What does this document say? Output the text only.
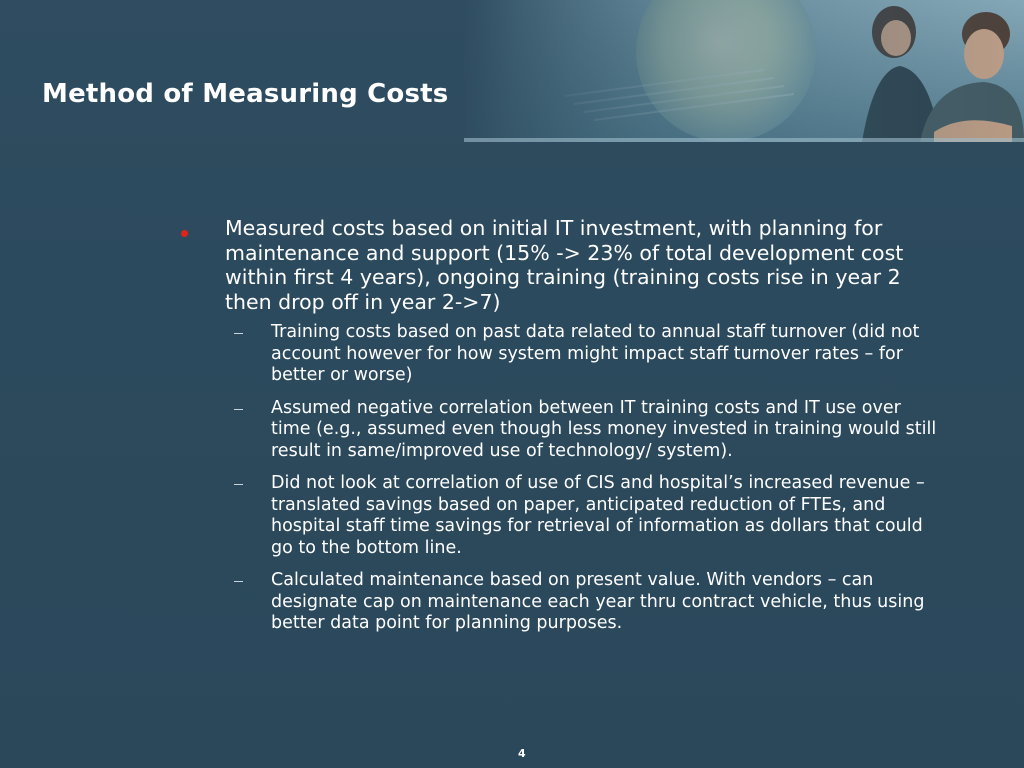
Method of Measuring Costs
Measured costs based on initial IT investment, with planning for maintenance and support (15% -> 23% of total development cost within first 4 years), ongoing training (training costs rise in year 2 then drop off in year 2->7)
Training costs based on past data related to annual staff turnover (did not account however for how system might impact staff turnover rates – for better or worse)
Assumed negative correlation between IT training costs and IT use over time (e.g., assumed even though less money invested in training would still result in same/improved use of technology/ system).
Did not look at correlation of use of CIS and hospital’s increased revenue – translated savings based on paper, anticipated reduction of FTEs, and hospital staff time savings for retrieval of information as dollars that could go to the bottom line.
Calculated maintenance based on present value. With vendors – can designate cap on maintenance each year thru contract vehicle, thus using better data point for planning purposes.
4
